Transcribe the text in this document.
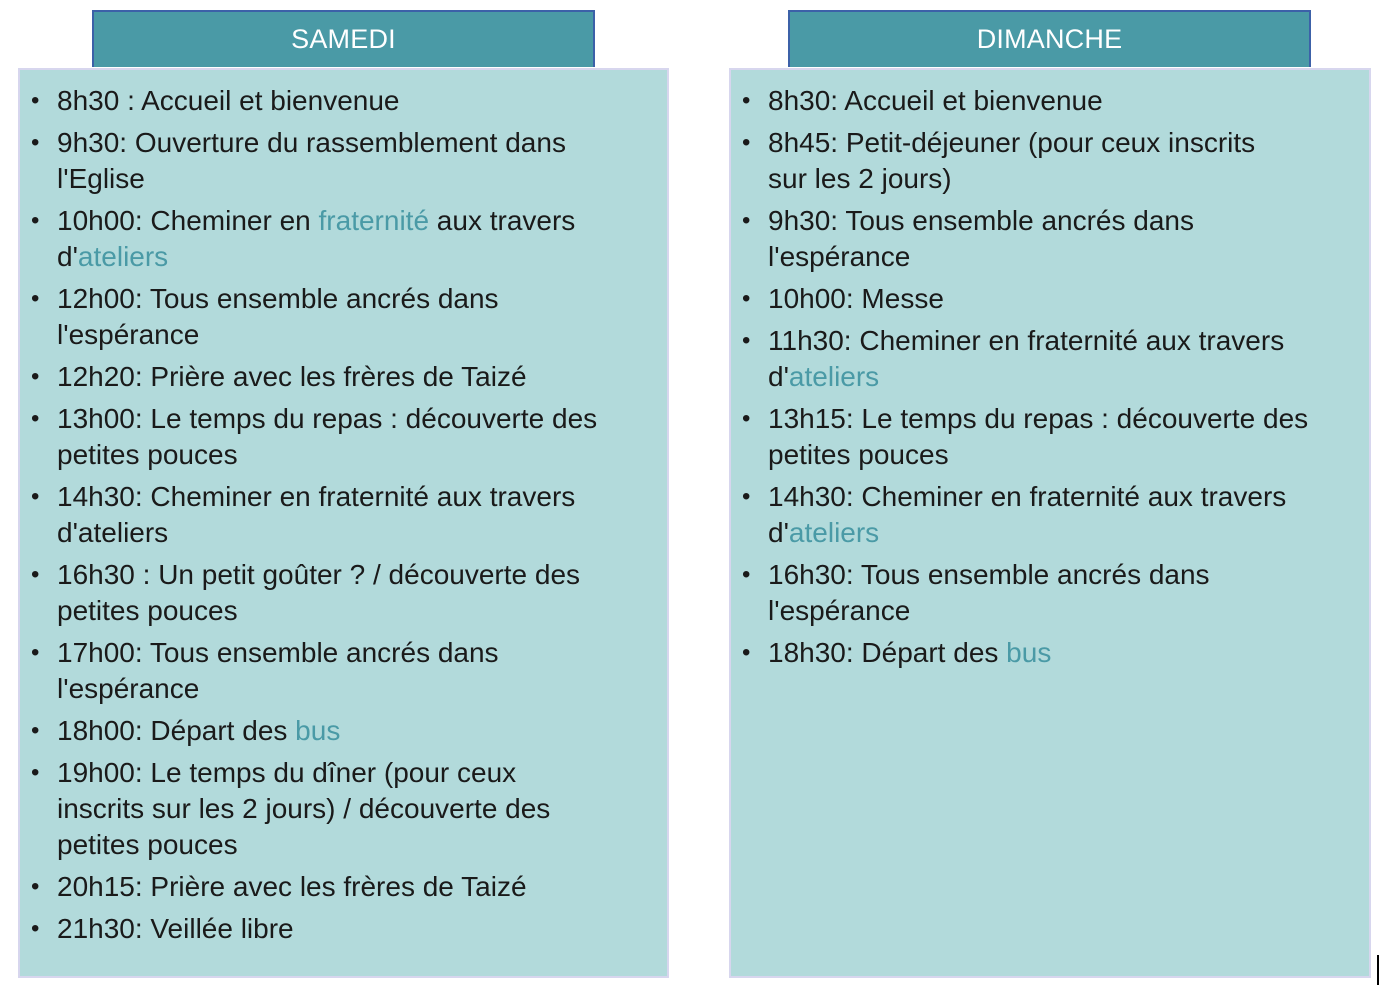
SAMEDI	DIMANCHE
• 8h30 : Accueil et bienvenue
• 9h30: Ouverture du rassemblement dans
l'Eglise
• 10h00: Cheminer en fraternité aux travers
d'ateliers
• 12h00: Tous ensemble ancrés dans
l'espérance
• 12h20: Prière avec les frères de Taizé
• 13h00: Le temps du repas : découverte des
petites pouces
• 14h30: Cheminer en fraternité aux travers
d'ateliers
• 16h30 : Un petit goûter ? / découverte des
petites pouces
• 17h00: Tous ensemble ancrés dans
l'espérance
• 18h00: Départ des bus
• 19h00: Le temps du dîner (pour ceux
inscrits sur les 2 jours) / découverte des
petites pouces
• 20h15: Prière avec les frères de Taizé
• 21h30: Veillée libre
• 8h30: Accueil et bienvenue
• 8h45: Petit-déjeuner (pour ceux inscrits
sur les 2 jours)
• 9h30: Tous ensemble ancrés dans
l'espérance
• 10h00: Messe
• 11h30: Cheminer en fraternité aux travers
d'ateliers
• 13h15: Le temps du repas : découverte des
petites pouces
• 14h30: Cheminer en fraternité aux travers
d'ateliers
• 16h30: Tous ensemble ancrés dans
l'espérance
• 18h30: Départ des bus
